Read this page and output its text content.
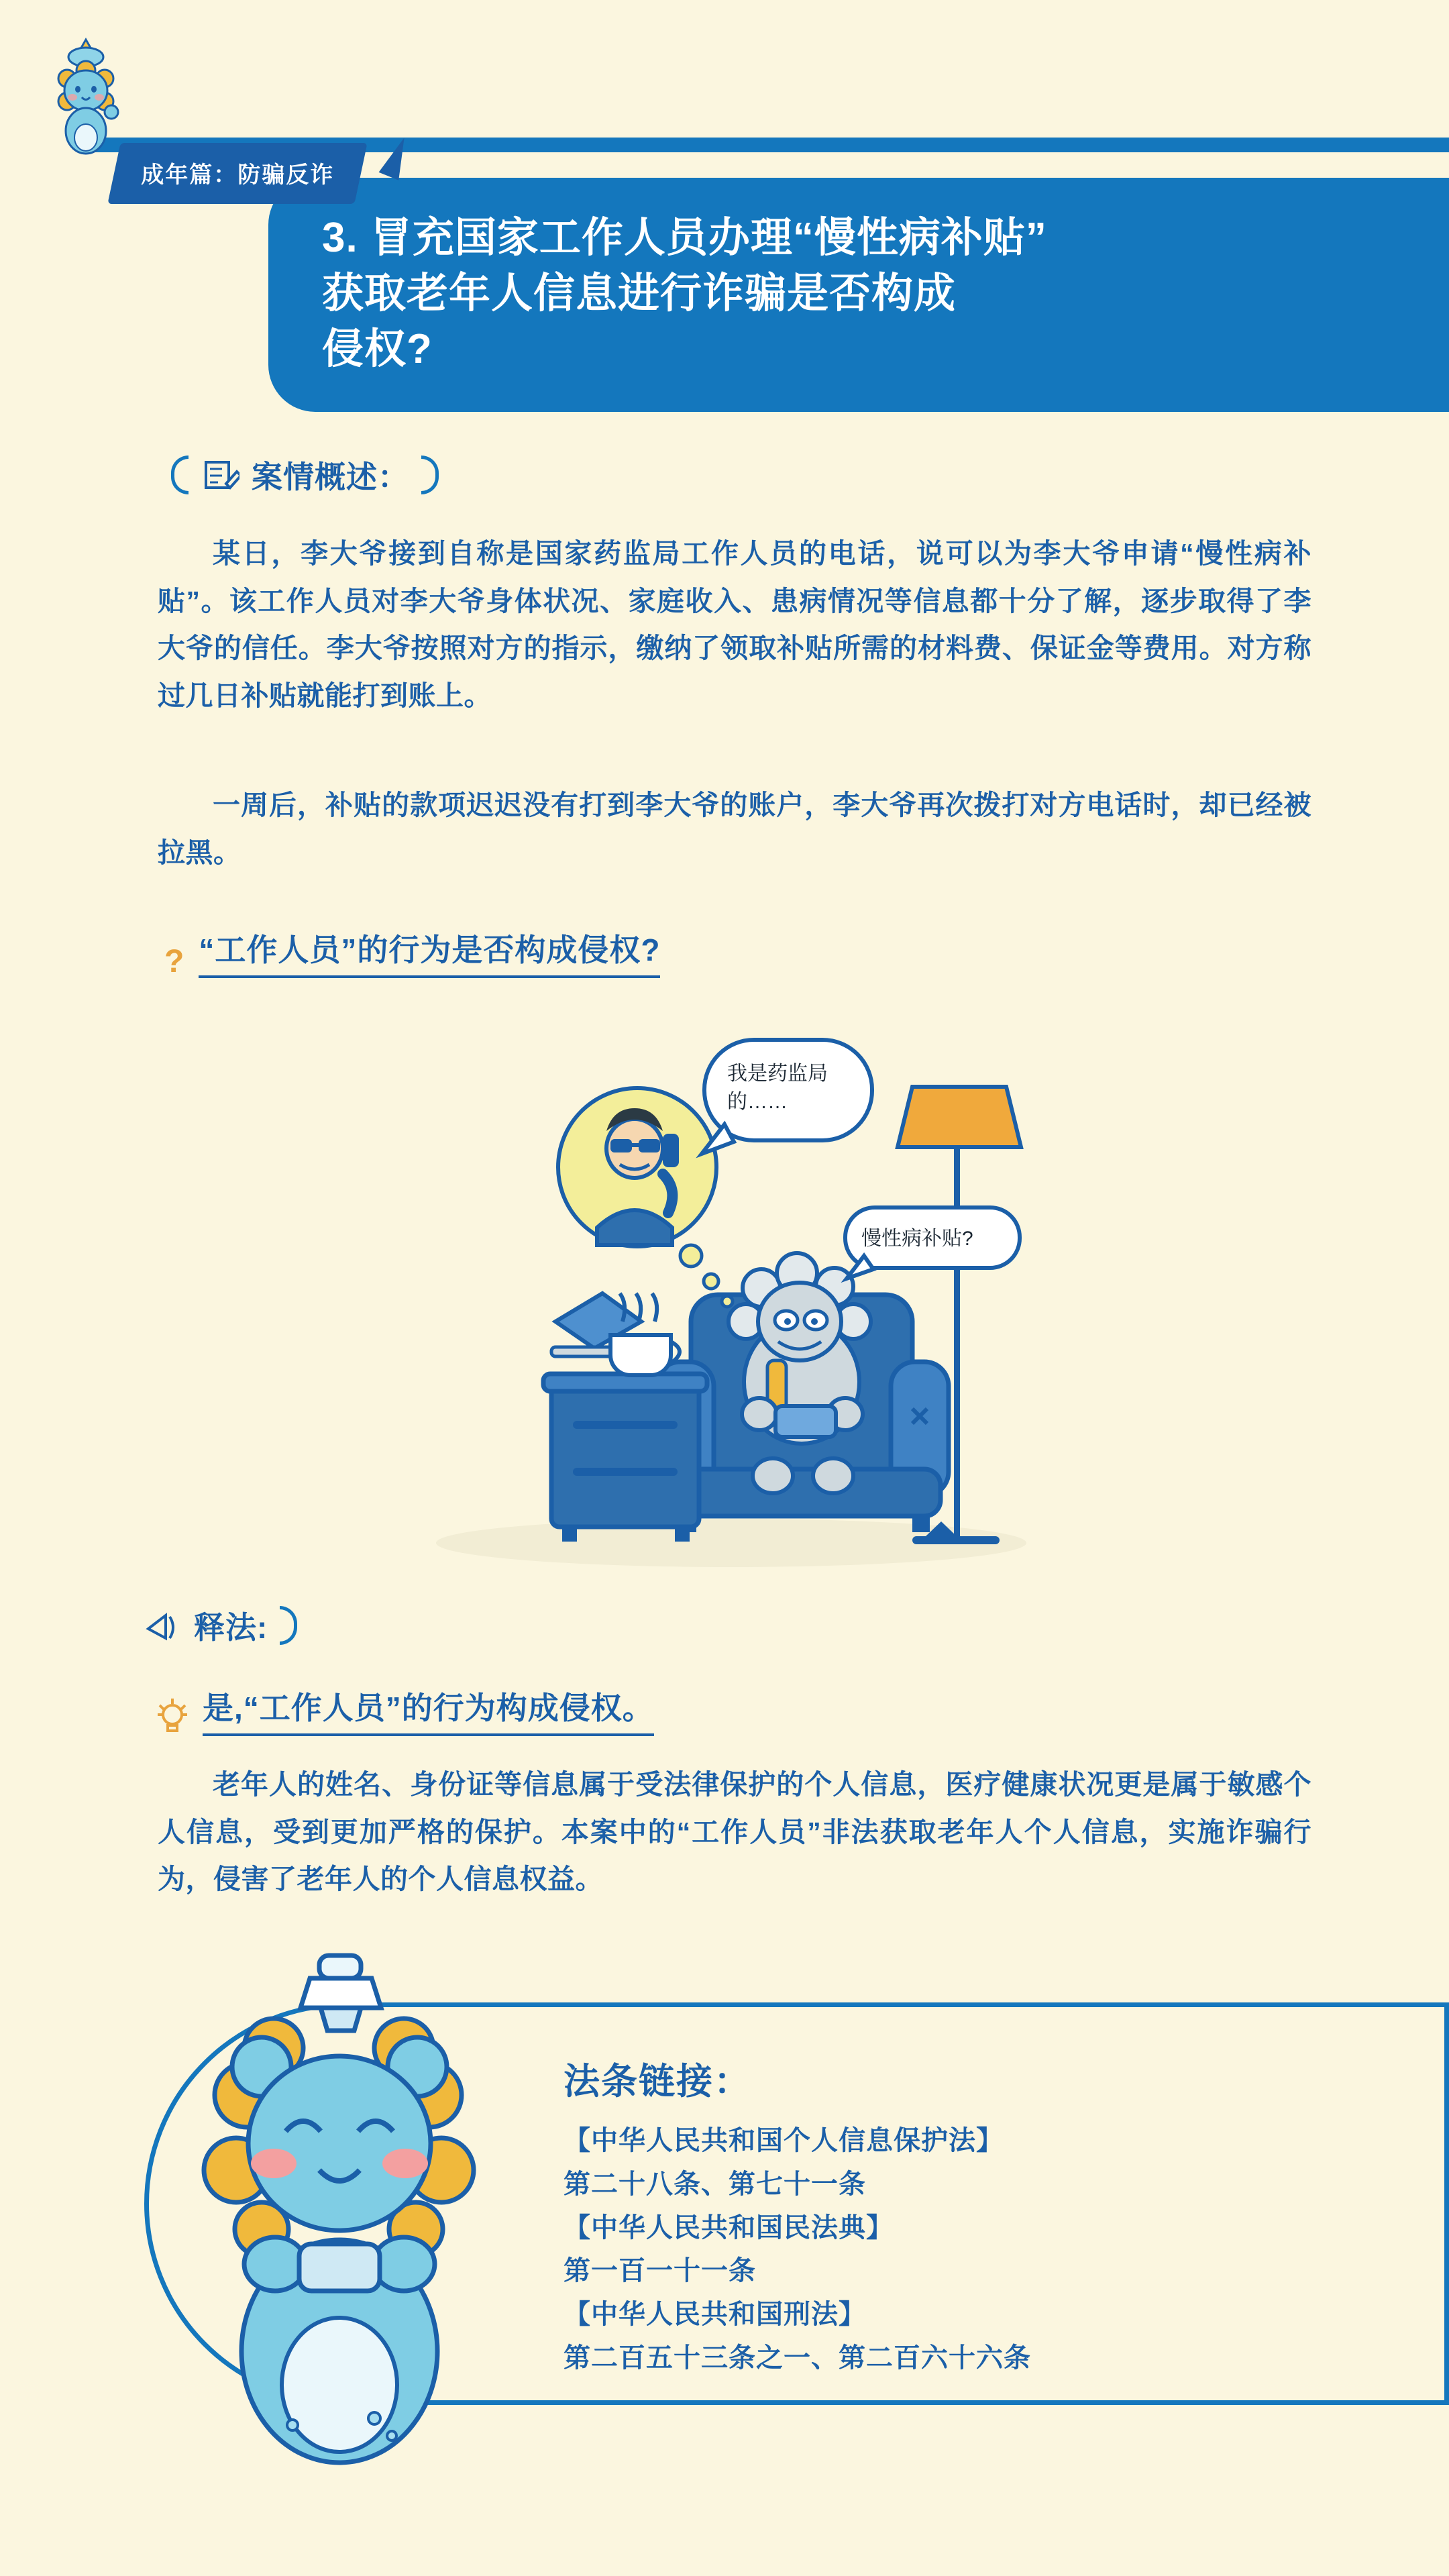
成年篇：防骗反诈
3. 冒充国家工作人员办理“慢性病补贴”
获取老年人信息进行诈骗是否构成
侵权?
案情概述：
某日，李大爷接到自称是国家药监局工作人员的电话，说可以为李大爷申请“慢性病补贴”。该工作人员对李大爷身体状况、家庭收入、患病情况等信息都十分了解，逐步取得了李大爷的信任。李大爷按照对方的指示，缴纳了领取补贴所需的材料费、保证金等费用。对方称过几日补贴就能打到账上。
一周后，补贴的款项迟迟没有打到李大爷的账户，李大爷再次拨打对方电话时，却已经被拉黑。
? “工作人员”的行为是否构成侵权?
我是药监局
的……
慢性病补贴?
释法:
是,“工作人员”的行为构成侵权。
老年人的姓名、身份证等信息属于受法律保护的个人信息，医疗健康状况更是属于敏感个人信息，受到更加严格的保护。本案中的“工作人员”非法获取老年人个人信息，实施诈骗行为，侵害了老年人的个人信息权益。
法条链接：
【中华人民共和国个人信息保护法】
第二十八条、第七十一条
【中华人民共和国民法典】
第一百一十一条
【中华人民共和国刑法】
第二百五十三条之一、第二百六十六条
